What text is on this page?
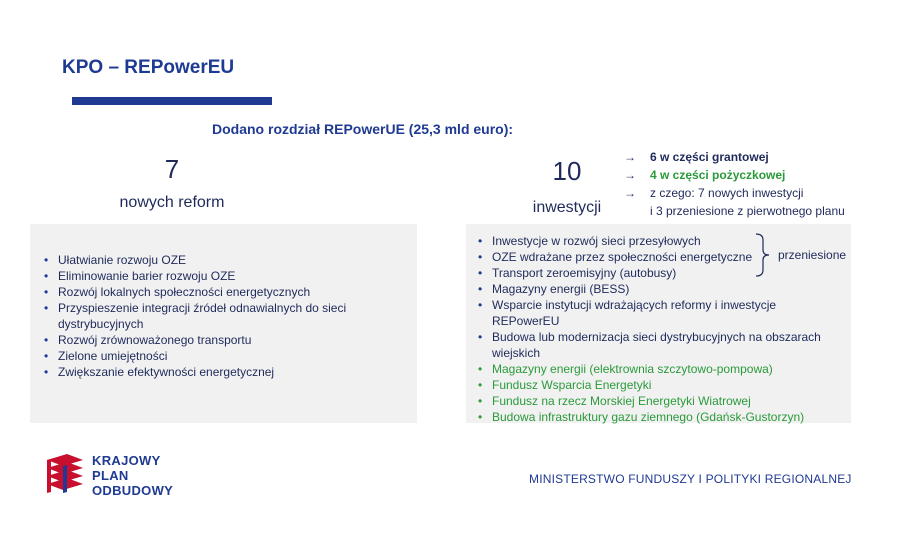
KPO – REPowerEU
Dodano rozdział REPowerUE (25,3 mld euro):
7
nowych reform
10
inwestycji
→ 6 w części grantowej
→ 4 w części pożyczkowej
→ z czego: 7 nowych inwestycji
i 3 przeniesione z pierwotnego planu
• Ułatwianie rozwoju OZE
• Eliminowanie barier rozwoju OZE
• Rozwój lokalnych społeczności energetycznych
• Przyspieszenie integracji źródeł odnawialnych do sieci dystrybucyjnych
• Rozwój zrównoważonego transportu
• Zielone umiejętności
• Zwiększanie efektywności energetycznej
• Inwestycje w rozwój sieci przesyłowych
• OZE wdrażane przez społeczności energetyczne
• Transport zeroemisyjny (autobusy)
• Magazyny energii (BESS)
• Wsparcie instytucji wdrażających reformy i inwestycje REPowerEU
• Budowa lub modernizacja sieci dystrybucyjnych na obszarach wiejskich
• Magazyny energii (elektrownia szczytowo-pompowa)
• Fundusz Wsparcia Energetyki
• Fundusz na rzecz Morskiej Energetyki Wiatrowej
• Budowa infrastruktury gazu ziemnego (Gdańsk-Gustorzyn)
przeniesione
KRAJOWY
PLAN
ODBUDOWY
MINISTERSTWO FUNDUSZY I POLITYKI REGIONALNEJ
